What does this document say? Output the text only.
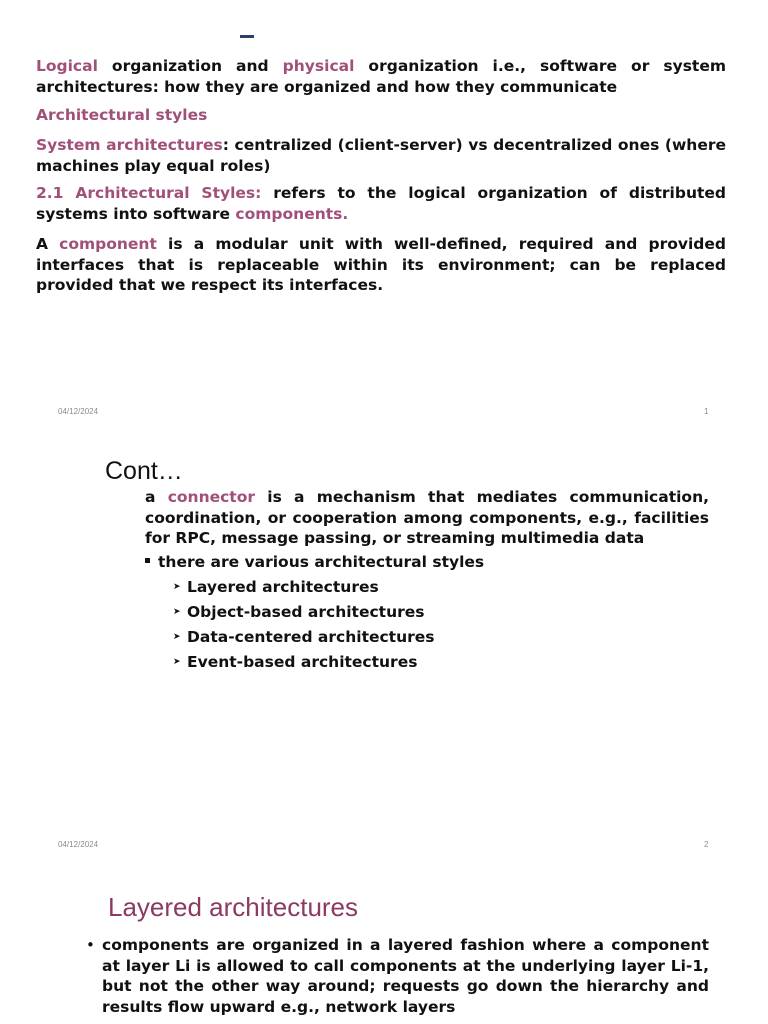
Logical organization and physical organization i.e., software or system architectures: how they are organized and how they communicate

Architectural styles

System architectures: centralized (client-server) vs decentralized ones (where machines play equal roles)

2.1 Architectural Styles: refers to the logical organization of distributed systems into software components.

A component is a modular unit with well-defined, required and provided interfaces that is replaceable within its environment; can be replaced provided that we respect its interfaces.

04/12/2024	1
Cont…

a connector is a mechanism that mediates communication, coordination, or cooperation among components, e.g., facilities for RPC, message passing, or streaming multimedia data

there are various architectural styles
➤ Layered architectures
➤ Object-based architectures
➤ Data-centered architectures
➤ Event-based architectures
04/12/2024	2
Layered architectures
• components are organized in a layered fashion where a component at layer Li is allowed to call components at the underlying layer Li-1, but not the other way around; requests go down the hierarchy and results flow upward e.g., network layers
